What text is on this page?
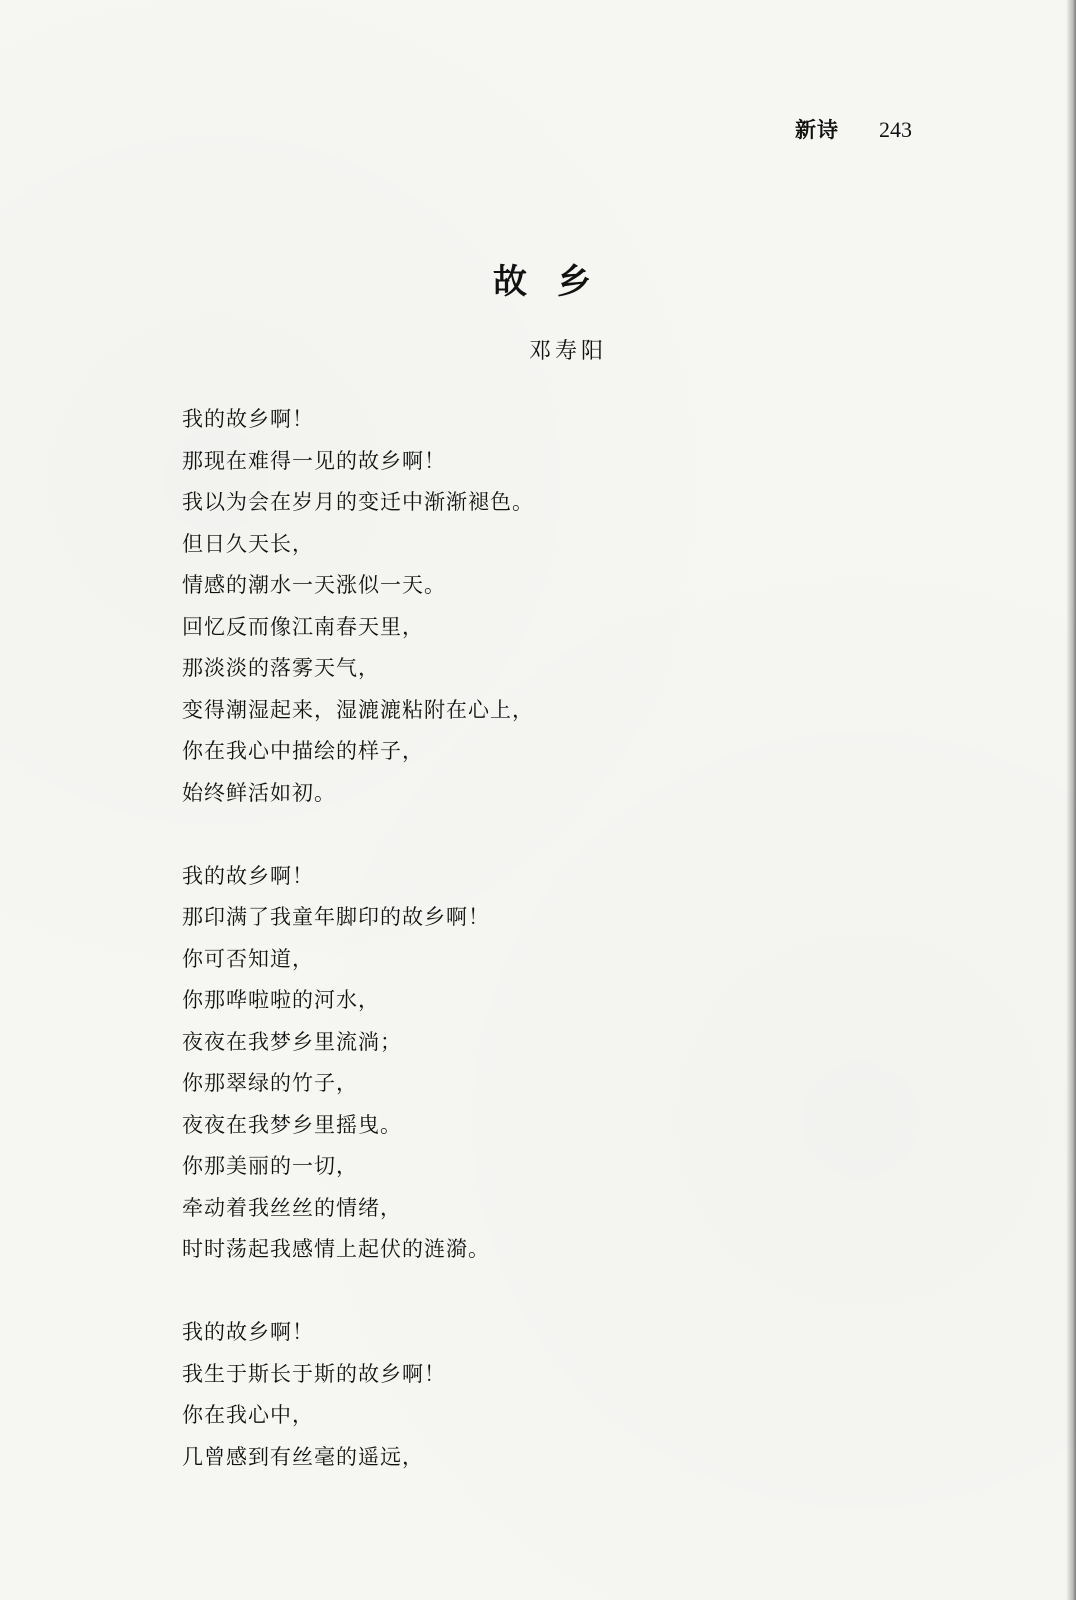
新诗 243
故乡
邓寿阳
我的故乡啊！
那现在难得一见的故乡啊！
我以为会在岁月的变迁中渐渐褪色。
但日久天长，
情感的潮水一天涨似一天。
回忆反而像江南春天里，
那淡淡的落雾天气，
变得潮湿起来，湿漉漉粘附在心上，
你在我心中描绘的样子，
始终鲜活如初。
我的故乡啊！
那印满了我童年脚印的故乡啊！
你可否知道，
你那哗啦啦的河水，
夜夜在我梦乡里流淌；
你那翠绿的竹子，
夜夜在我梦乡里摇曳。
你那美丽的一切，
牵动着我丝丝的情绪，
时时荡起我感情上起伏的涟漪。
我的故乡啊！
我生于斯长于斯的故乡啊！
你在我心中，
几曾感到有丝毫的遥远，
